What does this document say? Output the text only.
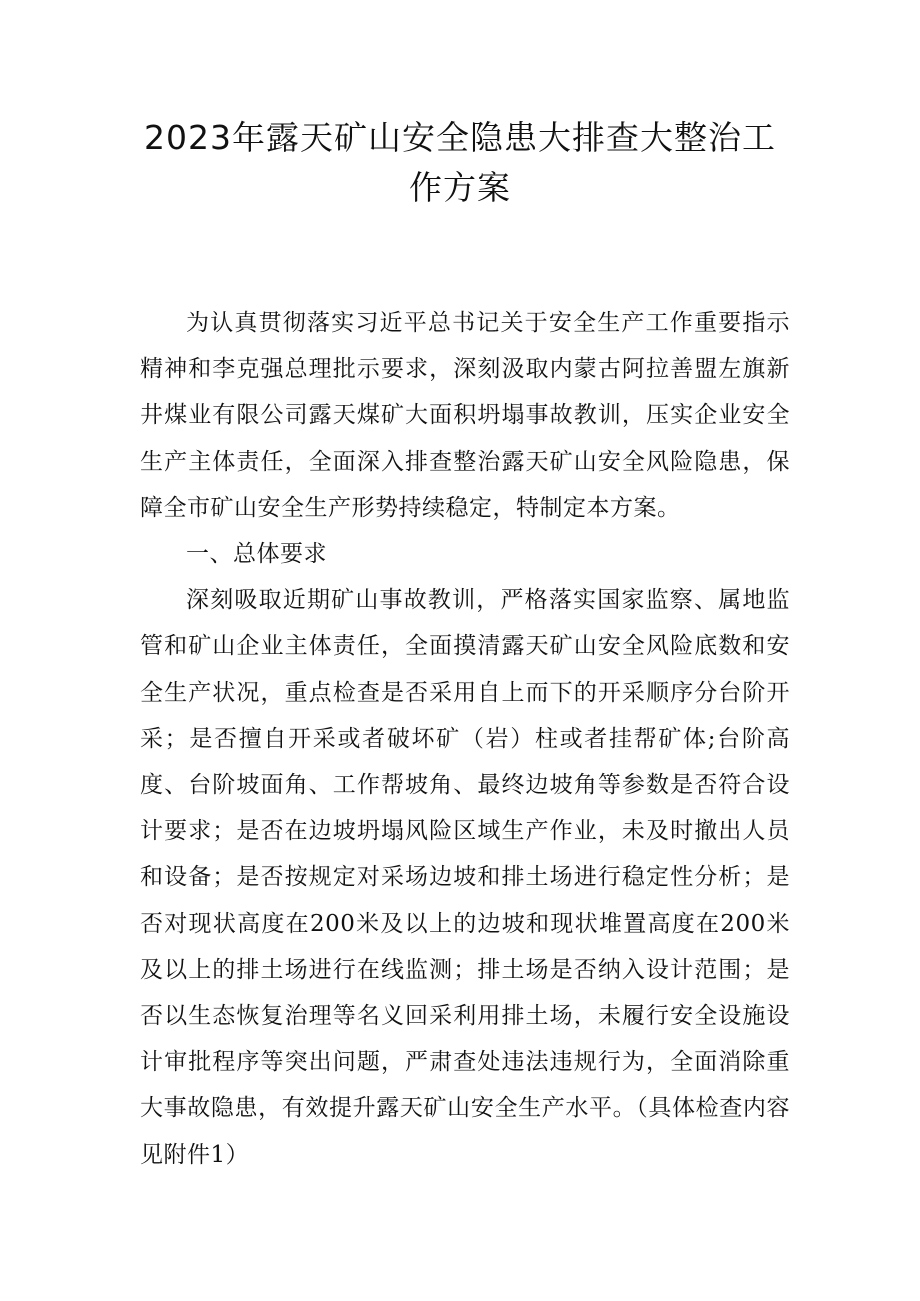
2023年露天矿山安全隐患大排查大整治工作方案

为认真贯彻落实习近平总书记关于安全生产工作重要指示精神和李克强总理批示要求，深刻汲取内蒙古阿拉善盟左旗新井煤业有限公司露天煤矿大面积坍塌事故教训，压实企业安全生产主体责任，全面深入排查整治露天矿山安全风险隐患，保障全市矿山安全生产形势持续稳定，特制定本方案。

一、总体要求

深刻吸取近期矿山事故教训，严格落实国家监察、属地监管和矿山企业主体责任，全面摸清露天矿山安全风险底数和安全生产状况，重点检查是否采用自上而下的开采顺序分台阶开采；是否擅自开采或者破坏矿（岩）柱或者挂帮矿体;台阶高度、台阶坡面角、工作帮坡角、最终边坡角等参数是否符合设计要求；是否在边坡坍塌风险区域生产作业，未及时撤出人员和设备；是否按规定对采场边坡和排土场进行稳定性分析；是否对现状高度在200米及以上的边坡和现状堆置高度在200米及以上的排土场进行在线监测；排土场是否纳入设计范围；是否以生态恢复治理等名义回采利用排土场，未履行安全设施设计审批程序等突出问题，严肃查处违法违规行为，全面消除重大事故隐患，有效提升露天矿山安全生产水平。（具体检查内容见附件1）
